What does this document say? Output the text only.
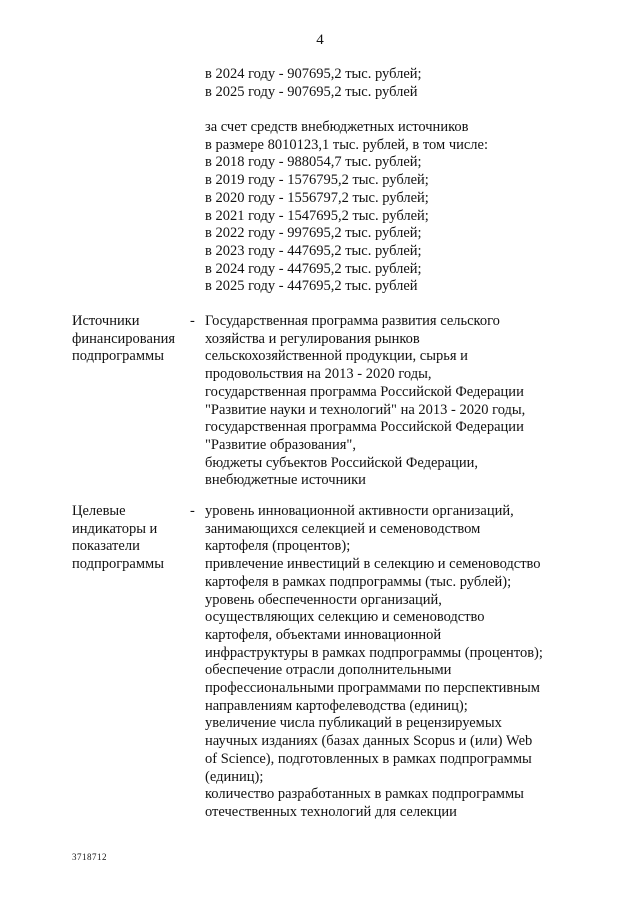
4
в 2024 году - 907695,2 тыс. рублей;
в 2025 году - 907695,2 тыс. рублей
за счет средств внебюджетных источников
в размере 8010123,1 тыс. рублей, в том числе:
в 2018 году - 988054,7 тыс. рублей;
в 2019 году - 1576795,2 тыс. рублей;
в 2020 году - 1556797,2 тыс. рублей;
в 2021 году - 1547695,2 тыс. рублей;
в 2022 году - 997695,2 тыс. рублей;
в 2023 году - 447695,2 тыс. рублей;
в 2024 году - 447695,2 тыс. рублей;
в 2025 году - 447695,2 тыс. рублей
Источники
финансирования
подпрограммы
- Государственная программа развития сельского
хозяйства и регулирования рынков
сельскохозяйственной продукции, сырья и
продовольствия на 2013 - 2020 годы,
государственная программа Российской Федерации
"Развитие науки и технологий" на 2013 - 2020 годы,
государственная программа Российской Федерации
"Развитие образования",
бюджеты субъектов Российской Федерации,
внебюджетные источники
Целевые
индикаторы и
показатели
подпрограммы
- уровень инновационной активности организаций,
занимающихся селекцией и семеноводством
картофеля (процентов);
привлечение инвестиций в селекцию и семеноводство
картофеля в рамках подпрограммы (тыс. рублей);
уровень обеспеченности организаций,
осуществляющих селекцию и семеноводство
картофеля, объектами инновационной
инфраструктуры в рамках подпрограммы (процентов);
обеспечение отрасли дополнительными
профессиональными программами по перспективным
направлениям картофелеводства (единиц);
увеличение числа публикаций в рецензируемых
научных изданиях (базах данных Scopus и (или) Web
of Science), подготовленных в рамках подпрограммы
(единиц);
количество разработанных в рамках подпрограммы
отечественных технологий для селекции
3718712
